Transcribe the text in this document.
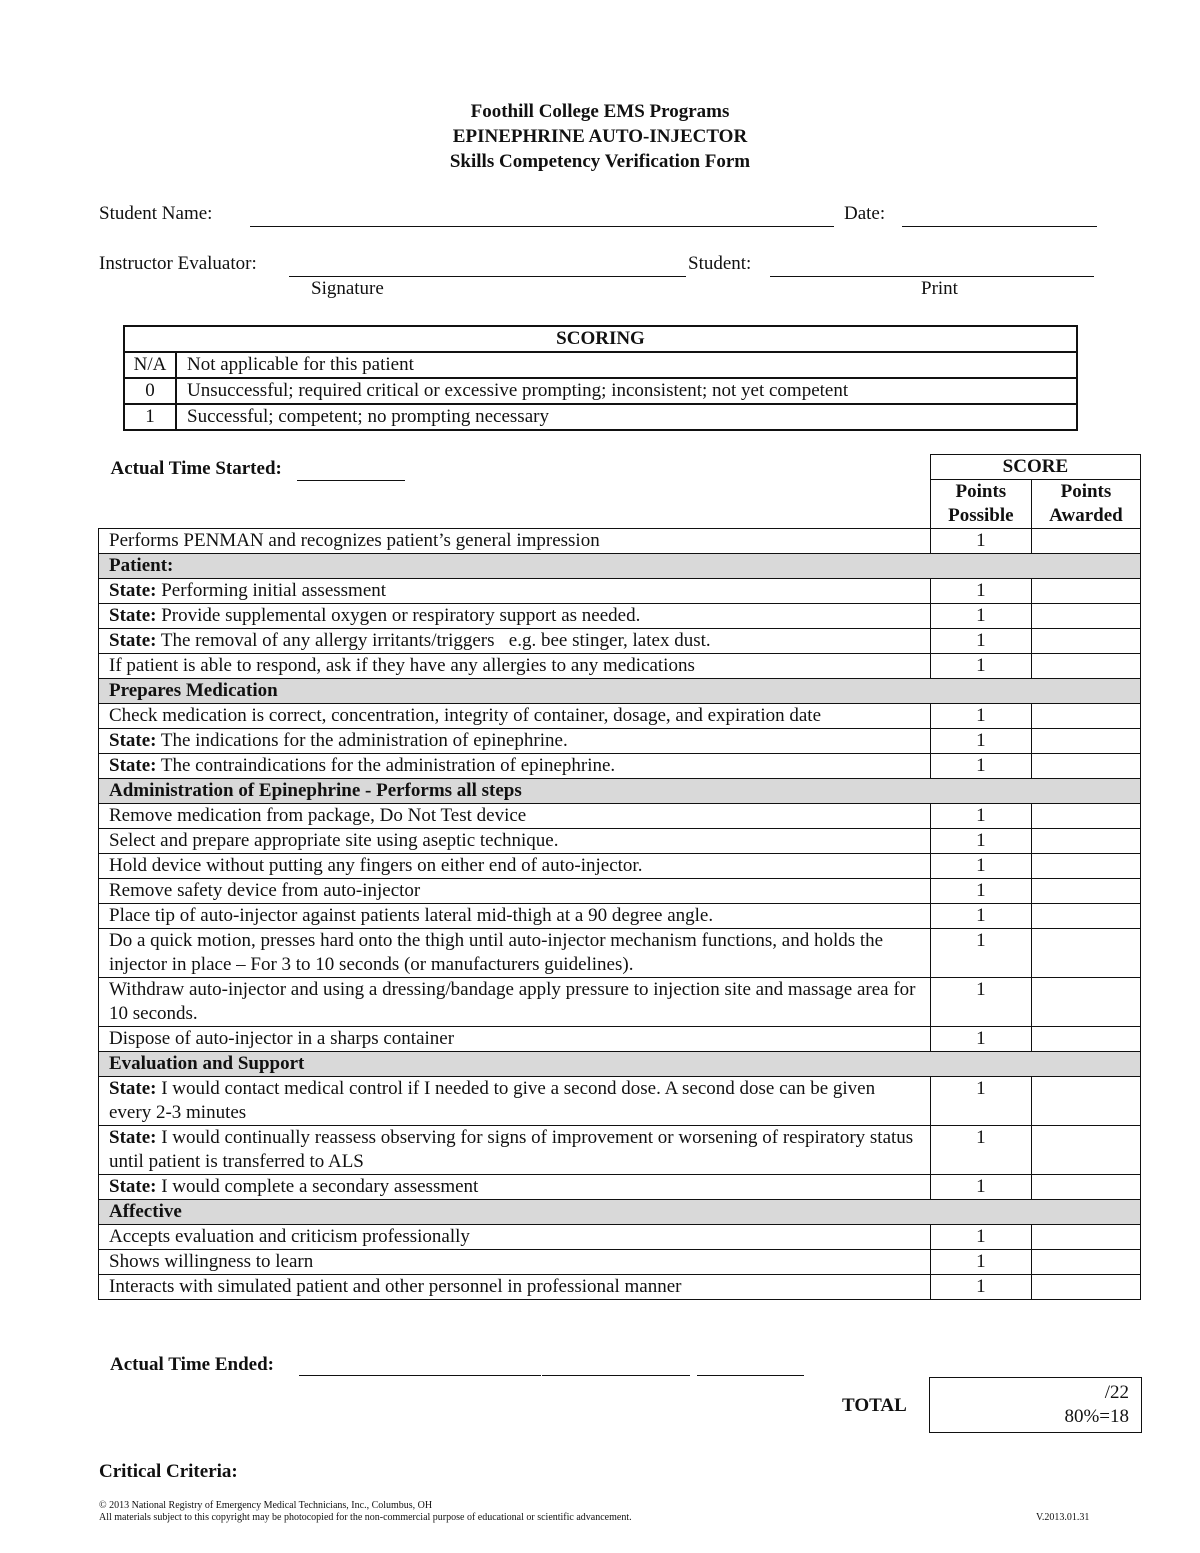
Foothill College EMS Programs
EPINEPHRINE AUTO-INJECTOR
Skills Competency Verification Form
Student Name:	Date:
Instructor Evaluator:	Student:
Signature	Print
SCORING	
N/A	Not applicable for this patient
0	Unsuccessful; required critical or excessive prompting; inconsistent; not yet competent
1	Successful; competent; no prompting necessary
Actual Time Started:	SCORE	
	Points Possible	Points Awarded
Performs PENMAN and recognizes patient’s general impression	1	
Patient:		
State: Performing initial assessment	1	
State: Provide supplemental oxygen or respiratory support as needed.	1	
State: The removal of any allergy irritants/triggers   e.g. bee stinger, latex dust.	1	
If patient is able to respond, ask if they have any allergies to any medications	1	
Prepares Medication		
Check medication is correct, concentration, integrity of container, dosage, and expiration date	1	
State: The indications for the administration of epinephrine.	1	
State: The contraindications for the administration of epinephrine.	1	
Administration of Epinephrine - Performs all steps		
Remove medication from package, Do Not Test device	1	
Select and prepare appropriate site using aseptic technique.	1	
Hold device without putting any fingers on either end of auto-injector.	1	
Remove safety device from auto-injector	1	
Place tip of auto-injector against patients lateral mid-thigh at a 90 degree angle.	1	
Do a quick motion, presses hard onto the thigh until auto-injector mechanism functions, and holds the injector in place – For 3 to 10 seconds (or manufacturers guidelines).	1	
Withdraw auto-injector and using a dressing/bandage apply pressure to injection site and massage area for 10 seconds.	1	
Dispose of auto-injector in a sharps container	1	
Evaluation and Support		
State: I would contact medical control if I needed to give a second dose. A second dose can be given every 2-3 minutes	1	
State: I would continually reassess observing for signs of improvement or worsening of respiratory status until patient is transferred to ALS	1	
State: I would complete a secondary assessment	1	
Affective		
Accepts evaluation and criticism professionally	1	
Shows willingness to learn	1	
Interacts with simulated patient and other personnel in professional manner	1	
Actual Time Ended:
TOTAL
/22
80%=18
Critical Criteria:
© 2013 National Registry of Emergency Medical Technicians, Inc., Columbus, OH
All materials subject to this copyright may be photocopied for the non-commercial purpose of educational or scientific advancement.	V.2013.01.31
